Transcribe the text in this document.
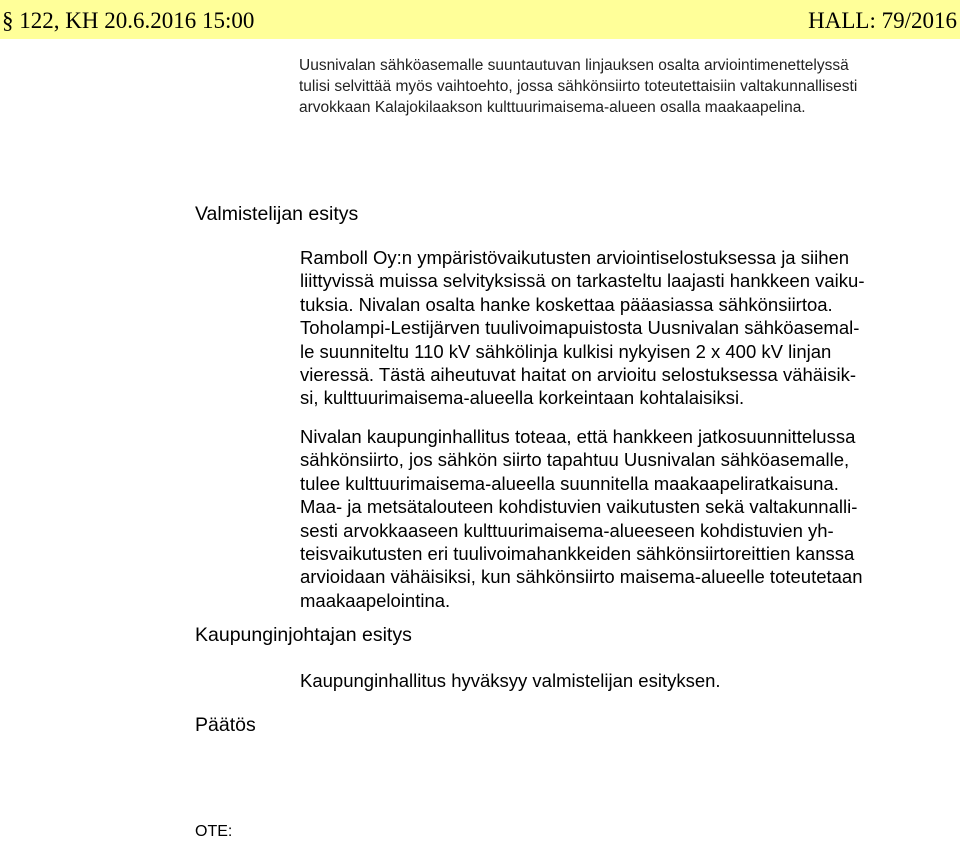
§ 122, KH 20.6.2016 15:00	HALL: 79/2016
Uusnivalan sähköasemalle suuntautuvan linjauksen osalta arviointimenettelyssä
tulisi selvittää myös vaihtoehto, jossa sähkönsiirto toteutettaisiin valtakunnallisesti
arvokkaan Kalajokilaakson kulttuurimaisema-alueen osalla maakaapelina.
Valmistelijan esitys
Ramboll Oy:n ympäristövaikutusten arviointiselostuksessa ja siihen
liittyvissä muissa selvityksissä on tarkasteltu laajasti hankkeen vaiku-
tuksia. Nivalan osalta hanke koskettaa pääasiassa sähkönsiirtoa.
Toholampi-Lestijärven tuulivoimapuistosta Uusnivalan sähköasemal-
le suunniteltu 110 kV sähkölinja kulkisi nykyisen 2 x 400 kV linjan
vieressä. Tästä aiheutuvat haitat on arvioitu selostuksessa vähäisik-
si, kulttuurimaisema-alueella korkeintaan kohtalaisiksi.
Nivalan kaupunginhallitus toteaa, että hankkeen jatkosuunnittelussa
sähkönsiirto, jos sähkön siirto tapahtuu Uusnivalan sähköasemalle,
tulee kulttuurimaisema-alueella suunnitella maakaapeliratkaisuna.
Maa- ja metsätalouteen kohdistuvien vaikutusten sekä valtakunnalli-
sesti arvokkaaseen kulttuurimaisema-alueeseen kohdistuvien yh-
teisvaikutusten eri tuulivoimahankkeiden sähkönsiirtoreittien kanssa
arvioidaan vähäisiksi, kun sähkönsiirto maisema-alueelle toteutetaan
maakaapelointina.
Kaupunginjohtajan esitys
Kaupunginhallitus hyväksyy valmistelijan esityksen.
Päätös
OTE:
